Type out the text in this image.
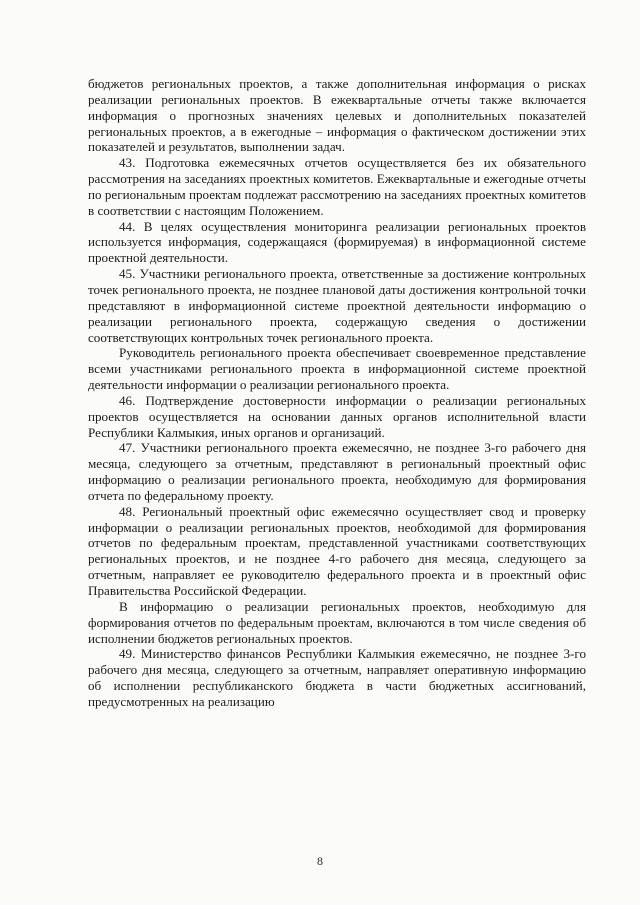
бюджетов региональных проектов, а также дополнительная информация о рисках реализации региональных проектов. В ежеквартальные отчеты также включается информация о прогнозных значениях целевых и дополнительных показателей региональных проектов, а в ежегодные – информация о фактическом достижении этих показателей и результатов, выполнении задач.

43. Подготовка ежемесячных отчетов осуществляется без их обязательного рассмотрения на заседаниях проектных комитетов. Ежеквартальные и ежегодные отчеты по региональным проектам подлежат рассмотрению на заседаниях проектных комитетов в соответствии с настоящим Положением.

44. В целях осуществления мониторинга реализации региональных проектов используется информация, содержащаяся (формируемая) в информационной системе проектной деятельности.

45. Участники регионального проекта, ответственные за достижение контрольных точек регионального проекта, не позднее плановой даты достижения контрольной точки представляют в информационной системе проектной деятельности информацию о реализации регионального проекта, содержащую сведения о достижении соответствующих контрольных точек регионального проекта.

Руководитель регионального проекта обеспечивает своевременное представление всеми участниками регионального проекта в информационной системе проектной деятельности информации о реализации регионального проекта.

46. Подтверждение достоверности информации о реализации региональных проектов осуществляется на основании данных органов исполнительной власти Республики Калмыкия, иных органов и организаций.

47. Участники регионального проекта ежемесячно, не позднее 3-го рабочего дня месяца, следующего за отчетным, представляют в региональный проектный офис информацию о реализации регионального проекта, необходимую для формирования отчета по федеральному проекту.

48. Региональный проектный офис ежемесячно осуществляет свод и проверку информации о реализации региональных проектов, необходимой для формирования отчетов по федеральным проектам, представленной участниками соответствующих региональных проектов, и не позднее 4-го рабочего дня месяца, следующего за отчетным, направляет ее руководителю федерального проекта и в проектный офис Правительства Российской Федерации.

В информацию о реализации региональных проектов, необходимую для формирования отчетов по федеральным проектам, включаются в том числе сведения об исполнении бюджетов региональных проектов.

49. Министерство финансов Республики Калмыкия ежемесячно, не позднее 3-го рабочего дня месяца, следующего за отчетным, направляет оперативную информацию об исполнении республиканского бюджета в части бюджетных ассигнований, предусмотренных на реализацию

8
